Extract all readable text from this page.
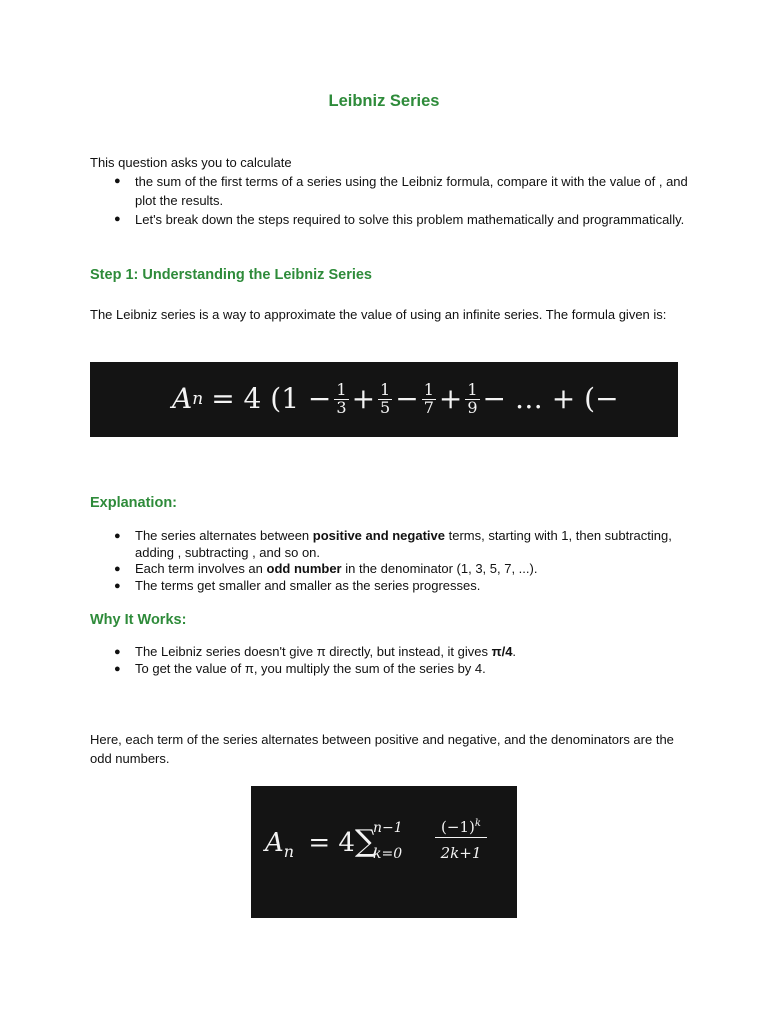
Leibniz Series
This question asks you to calculate
● the sum of the first terms of a series using the Leibniz formula, compare it with the value of , and plot the results.
● Let's break down the steps required to solve this problem mathematically and programmatically.
Step 1: Understanding the Leibniz Series
The Leibniz series is a way to approximate the value of using an infinite series. The formula given is:
A n = 4 ($1 - \frac{1}{3} + \frac{1}{5} - \frac{1}{7} + \frac{1}{9}$ − … + (−
Explanation:
● The series alternates between positive and negative terms, starting with 1, then subtracting, adding , subtracting , and so on.
● Each term involves an odd number in the denominator (1, 3, 5, 7, ...).
● The terms get smaller and smaller as the series progresses.
Why It Works:
● The Leibniz series doesn't give π directly, but instead, it gives π/4.
● To get the value of π, you multiply the sum of the series by 4.
Here, each term of the series alternates between positive and negative, and the denominators are the odd numbers.
$A_n = 4$ ∑
n−1
k=0
$(-1)^k$
2k+1
